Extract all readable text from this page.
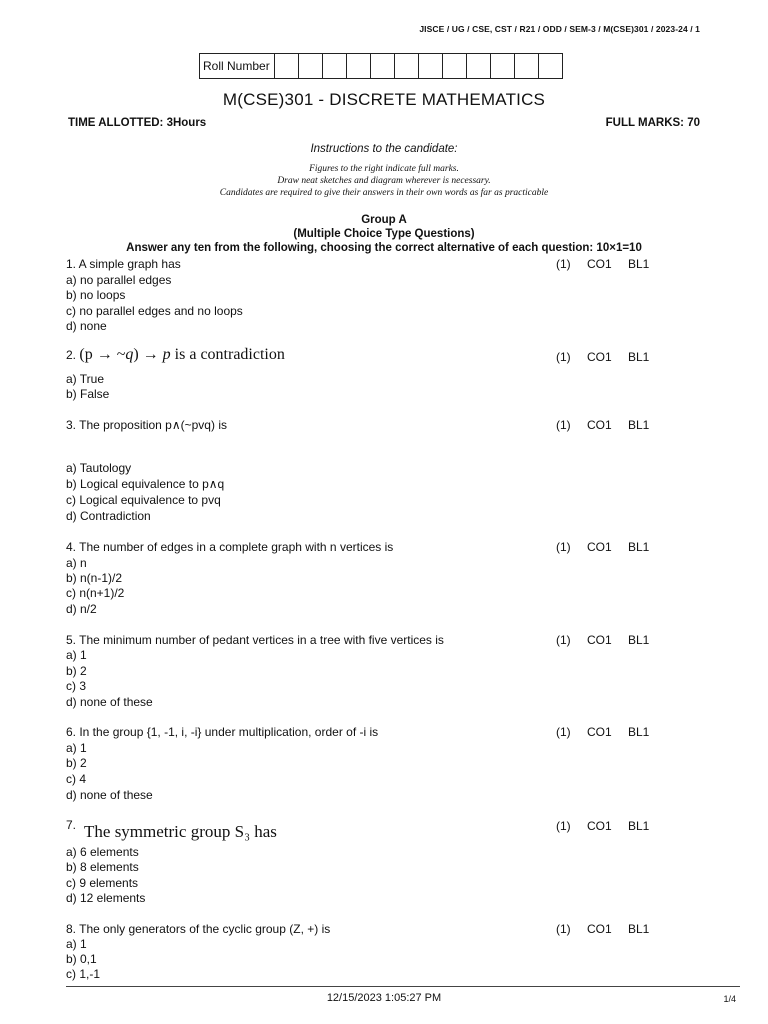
JISCE / UG / CSE, CST / R21 / ODD / SEM-3 / M(CSE)301 / 2023-24 / 1
Roll Number												
M(CSE)301 - DISCRETE MATHEMATICS
TIME ALLOTTED: 3Hours	FULL MARKS: 70
Instructions to the candidate:
Figures to the right indicate full marks.
Draw neat sketches and diagram wherever is necessary.
Candidates are required to give their answers in their own words as far as practicable
Group A
(Multiple Choice Type Questions)
Answer any ten from the following, choosing the correct alternative of each question: 10×1=10
1. A simple graph has	(1) CO1 BL1
a) no parallel edges
b) no loops
c) no parallel edges and no loops
d) none
2.
(p → ~q) → p is a contradiction	(1) CO1 BL1
a) True
b) False
3. The proposition p∧(~pvq) is	(1) CO1 BL1
a) Tautology
b) Logical equivalence to p∧q
c) Logical equivalence to pvq
d) Contradiction
4. The number of edges in a complete graph with n vertices is	(1) CO1 BL1
a) n
b) n(n-1)/2
c) n(n+1)/2
d) n/2
5. The minimum number of pedant vertices in a tree with five vertices is	(1) CO1 BL1
a) 1
b) 2
c) 3
d) none of these
6. In the group {1, -1, i, -i} under multiplication, order of -i is	(1) CO1 BL1
a) 1
b) 2
c) 4
d) none of these
7. The symmetric group S₃ has	(1) CO1 BL1
a) 6 elements
b) 8 elements
c) 9 elements
d) 12 elements
8. The only generators of the cyclic group (Z, +) is	(1) CO1 BL1
a) 1
b) 0,1
c) 1,-1
12/15/2023 1:05:27 PM	1/4
